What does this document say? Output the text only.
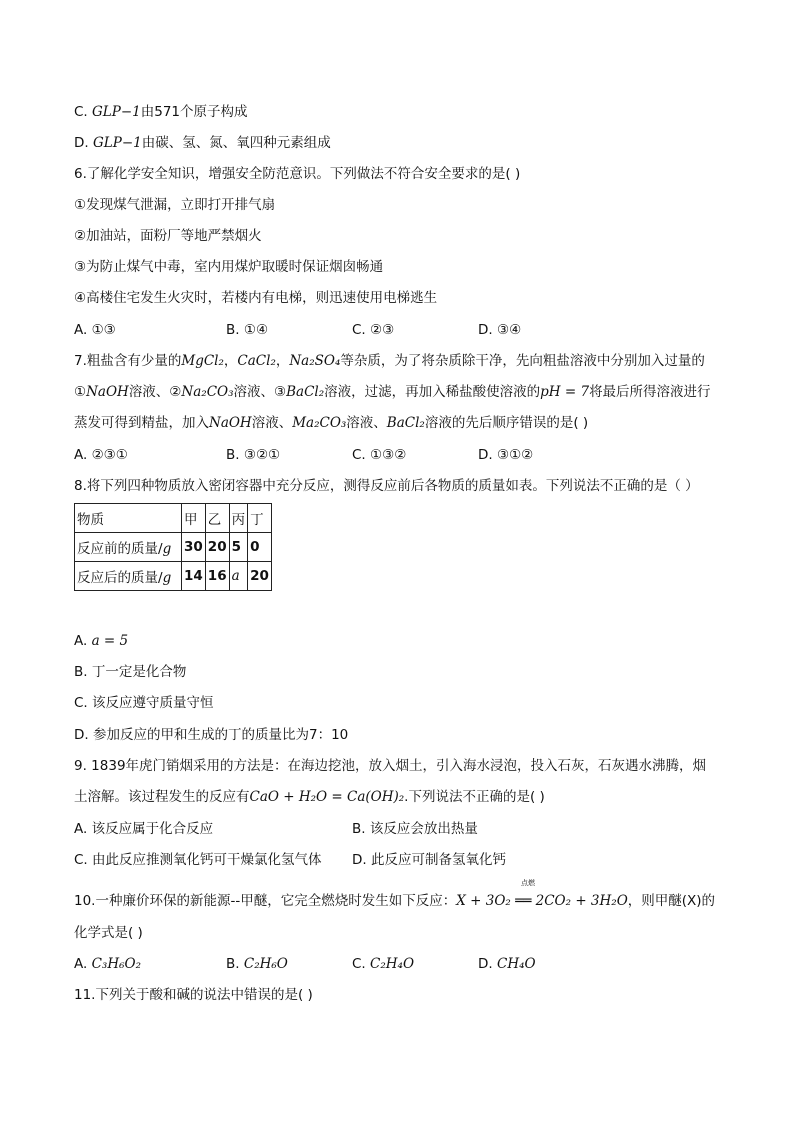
C. GLP−1由571个原子构成
D. GLP−1由碳、氢、氮、氧四种元素组成
6.了解化学安全知识，增强安全防范意识。下列做法不符合安全要求的是( )
①发现煤气泄漏，立即打开排气扇
②加油站，面粉厂等地严禁烟火
③为防止煤气中毒，室内用煤炉取暖时保证烟囱畅通
④高楼住宅发生火灾时，若楼内有电梯，则迅速使用电梯逃生
A. ①③	B. ①④	C. ②③	D. ③④
7.粗盐含有少量的MgCl₂，CaCl₂，Na₂SO₄等杂质，为了将杂质除干净，先向粗盐溶液中分别加入过量的
①NaOH溶液、②Na₂CO₃溶液、③BaCl₂溶液，过滤，再加入稀盐酸使溶液的pH = 7将最后所得溶液进行
蒸发可得到精盐，加入NaOH溶液、Ma₂CO₃溶液、BaCl₂溶液的先后顺序错误的是( )
A. ②③①	B. ③②①	C. ①③②	D. ③①②
8.将下列四种物质放入密闭容器中充分反应，测得反应前后各物质的质量如表。下列说法不正确的是（ ）
物质	甲	乙	丙	丁
反应前的质量/g	30	20	5	0
反应后的质量/g	14	16	a	20
A. a = 5
B. 丁一定是化合物
C. 该反应遵守质量守恒
D. 参加反应的甲和生成的丁的质量比为7：10
9. 1839年虎门销烟采用的方法是：在海边挖池，放入烟土，引入海水浸泡，投入石灰，石灰遇水沸腾，烟
土溶解。该过程发生的反应有CaO + H₂O = Ca(OH)₂.下列说法不正确的是( )
A. 该反应属于化合反应	B. 该反应会放出热量
C. 由此反应推测氧化钙可干燥氯化氢气体 D. 此反应可制备氢氧化钙
点燃
10.一种廉价环保的新能源--甲醚，它完全燃烧时发生如下反应：X + 3O₂ ══ 2CO₂ + 3H₂O，则甲醚(X)的
化学式是( )
A. C₃H₆O₂	B. C₂H₆O	C. C₂H₄O	D. CH₄O
11.下列关于酸和碱的说法中错误的是( )
